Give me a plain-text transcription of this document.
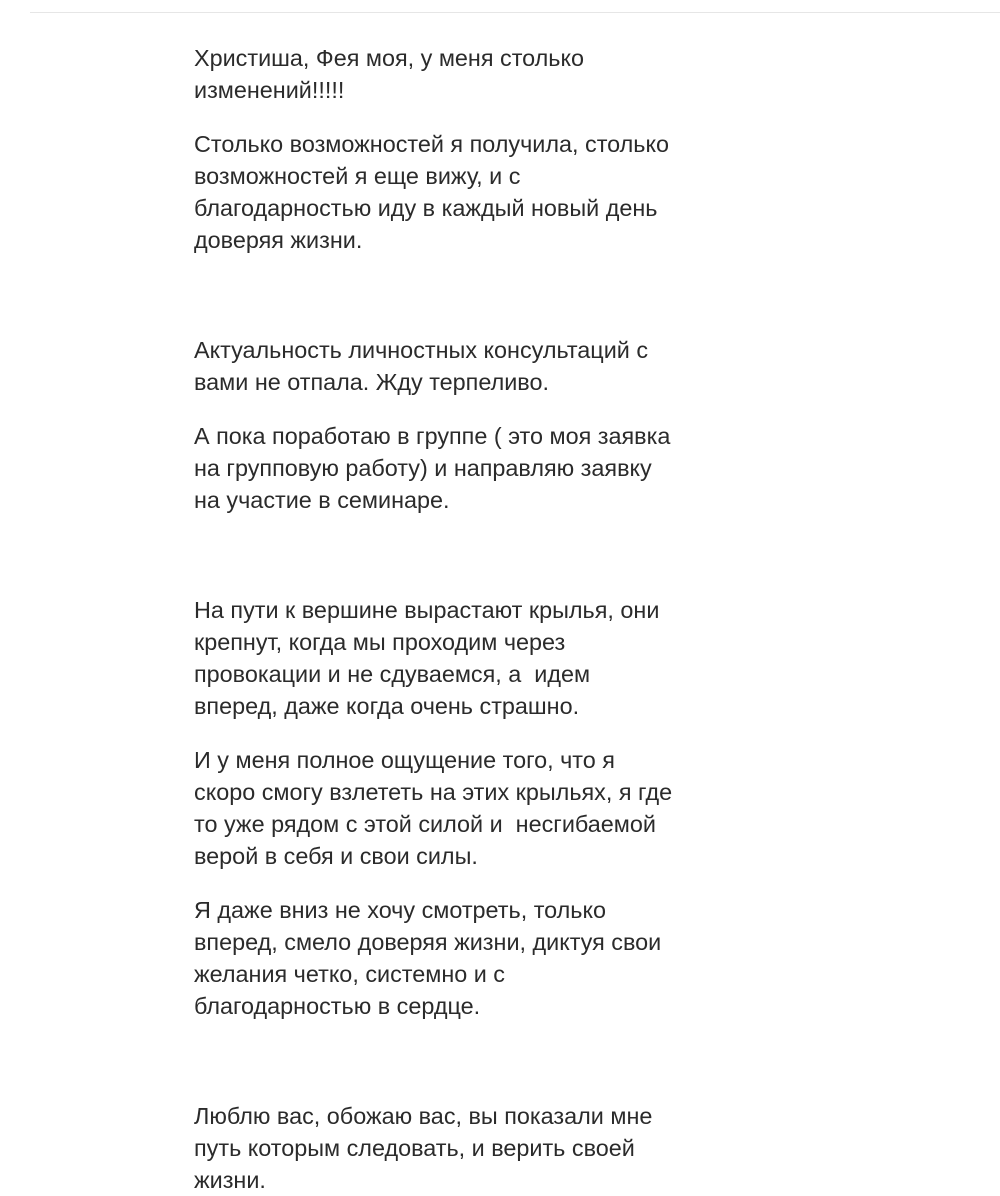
Христиша, Фея моя, у меня столько
изменений!!!!!

Столько возможностей я получила, столько
возможностей я еще вижу, и с
благодарностью иду в каждый новый день
доверяя жизни.

Актуальность личностных консультаций с
вами не отпала. Жду терпеливо.

А пока поработаю в группе ( это моя заявка
на групповую работу) и направляю заявку
на участие в семинаре.

На пути к вершине вырастают крылья, они
крепнут, когда мы проходим через
провокации и не сдуваемся, а  идем
вперед, даже когда очень страшно.

И у меня полное ощущение того, что я
скоро смогу взлететь на этих крыльях, я где
то уже рядом с этой силой и  несгибаемой
верой в себя и свои силы.

Я даже вниз не хочу смотреть, только
вперед, смело доверяя жизни, диктуя свои
желания четко, системно и с
благодарностью в сердце.

Люблю вас, обожаю вас, вы показали мне
путь которым следовать, и верить своей
жизни.
